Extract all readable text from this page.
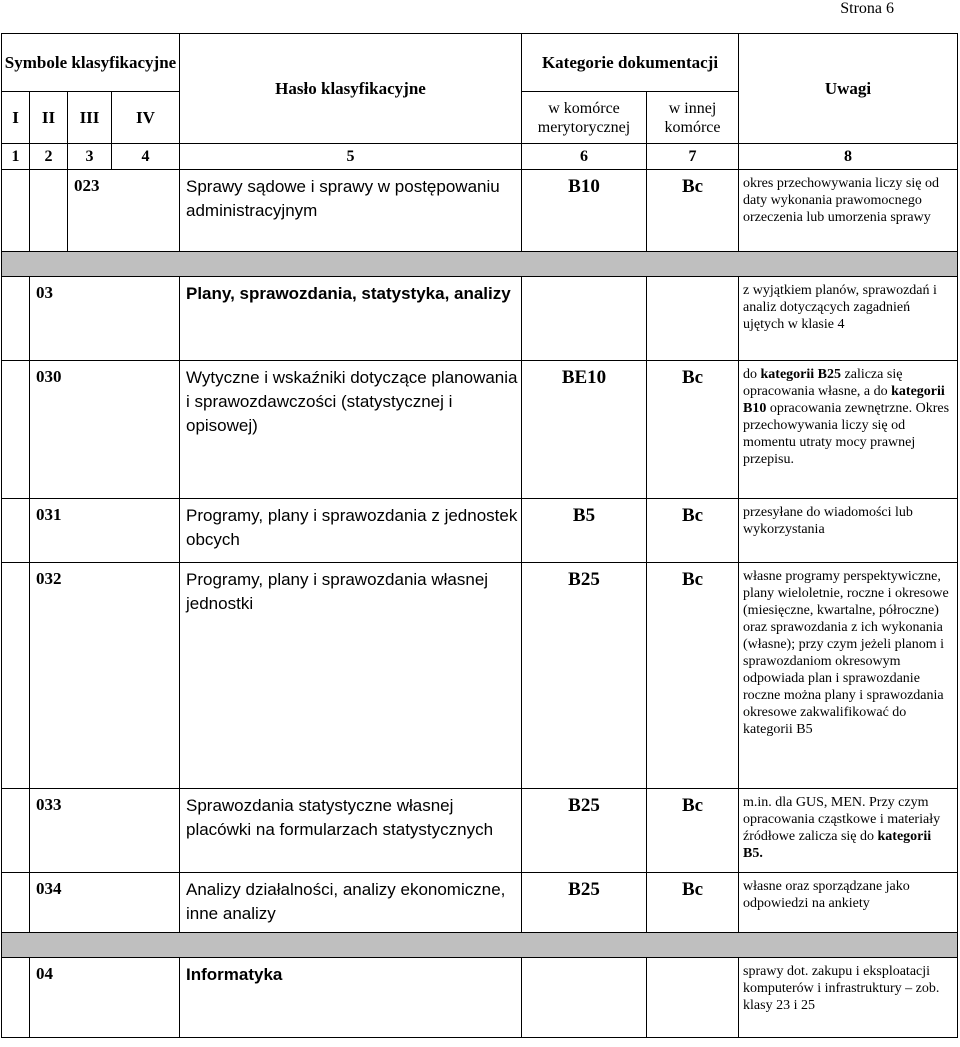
Strona 6
Symbole klasyfikacyjne				Hasło klasyfikacyjne	Kategorie dokumentacji		Uwagi
I	II	III	IV		w komórce merytorycznej	w innej komórce	
1	2	3	4	5	6	7	8
		023		Sprawy sądowe i sprawy w postępowaniu administracyjnym	B10	Bc	okres przechowywania liczy się od daty wykonania prawomocnego orzeczenia lub umorzenia sprawy

	03			Plany, sprawozdania, statystyka, analizy			z wyjątkiem planów, sprawozdań i analiz dotyczących zagadnień ujętych w klasie 4
	030			Wytyczne i wskaźniki dotyczące planowania i sprawozdawczości (statystycznej i opisowej)	BE10	Bc	do kategorii B25 zalicza się opracowania własne, a do kategorii B10 opracowania zewnętrzne. Okres przechowywania liczy się od momentu utraty mocy prawnej przepisu.
	031			Programy, plany i sprawozdania z jednostek obcych	B5	Bc	przesyłane do wiadomości lub wykorzystania
	032			Programy, plany i sprawozdania własnej jednostki	B25	Bc	własne programy perspektywiczne, plany wieloletnie, roczne i okresowe (miesięczne, kwartalne, półroczne) oraz sprawozdania z ich wykonania (własne); przy czym jeżeli planom i sprawozdaniom okresowym odpowiada plan i sprawozdanie roczne można plany i sprawozdania okresowe zakwalifikować do kategorii B5
	033			Sprawozdania statystyczne własnej placówki na formularzach statystycznych	B25	Bc	m.in. dla GUS, MEN. Przy czym opracowania cząstkowe i materiały źródłowe zalicza się do kategorii B5.
	034			Analizy działalności, analizy ekonomiczne, inne analizy	B25	Bc	własne oraz sporządzane jako odpowiedzi na ankiety

	04			Informatyka			sprawy dot. zakupu i eksploatacji komputerów i infrastruktury – zob. klasy 23 i 25
